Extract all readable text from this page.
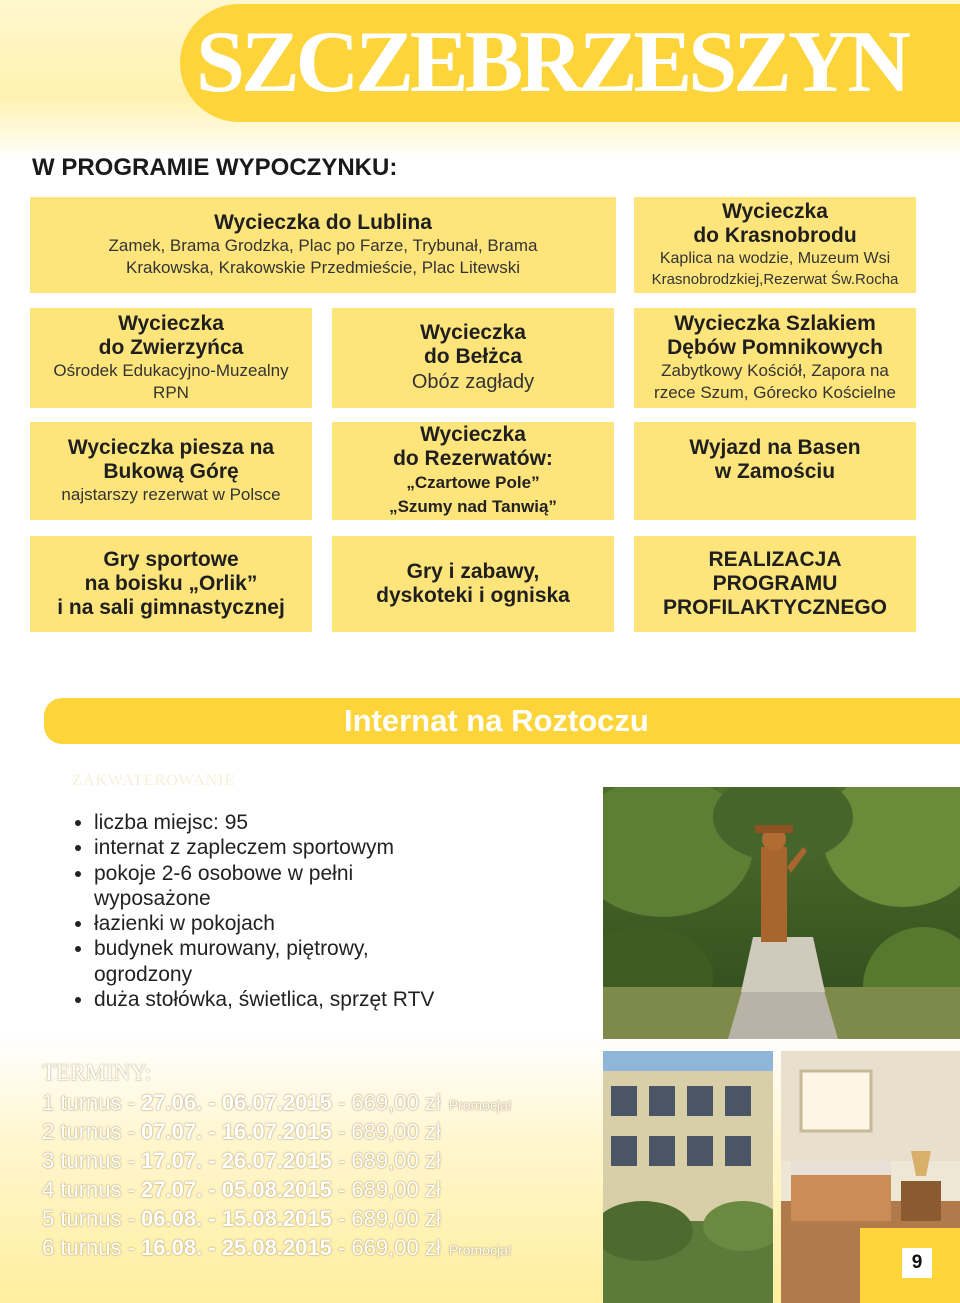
SZCZEBRZESZYN
W PROGRAMIE WYPOCZYNKU:
Wycieczka do Lublina
Zamek, Brama Grodzka, Plac po Farze, Trybunał, Brama Krakowska, Krakowskie Przedmieście, Plac Litewski
Wycieczka
do Krasnobrodu
Kaplica na wodzie, Muzeum Wsi
Krasnobrodzkiej,Rezerwat Św.Rocha
Wycieczka
do Zwierzyńca
Ośrodek Edukacyjno-Muzealny
RPN
Wycieczka
do Bełżca
Obóz zagłady
Wycieczka Szlakiem
Dębów Pomnikowych
Zabytkowy Kościół, Zapora na
rzece Szum, Górecko Kościelne
Wycieczka piesza na
Bukową Górę
najstarszy rezerwat w Polsce
Wycieczka
do Rezerwatów:
„Czartowe Pole”
„Szumy nad Tanwią”
Wyjazd na Basen
w Zamościu
Gry sportowe
na boisku „Orlik”
i na sali gimnastycznej
Gry i zabawy,
dyskoteki i ogniska
REALIZACJA
PROGRAMU
PROFILAKTYCZNEGO
Internat na Roztoczu
ZAKWATEROWANIE
• liczba miejsc: 95
• internat z zapleczem sportowym
• pokoje 2-6 osobowe w pełni wyposażone
• łazienki w pokojach
• budynek murowany, piętrowy, ogrodzony
• duża stołówka, świetlica, sprzęt RTV
TERMINY:
1 turnus - 27.06. - 06.07.2015 - 669,00 zł Promocja!
2 turnus - 07.07. - 16.07.2015 - 689,00 zł
3 turnus - 17.07. - 26.07.2015 - 689,00 zł
4 turnus - 27.07. - 05.08.2015 - 689,00 zł
5 turnus - 06.08. - 15.08.2015 - 689,00 zł
6 turnus - 16.08. - 25.08.2015 - 669,00 zł Promocja!
9
